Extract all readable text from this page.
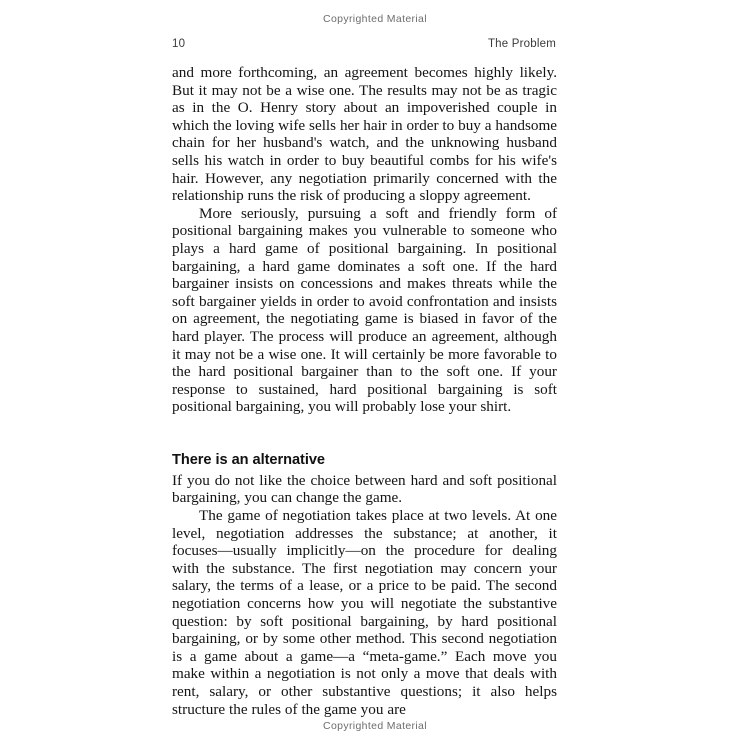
Copyrighted Material
10	The Problem

and more forthcoming, an agreement becomes highly likely. But it may not be a wise one. The results may not be as tragic as in the O. Henry story about an impoverished couple in which the loving wife sells her hair in order to buy a handsome chain for her husband's watch, and the unknowing husband sells his watch in order to buy beautiful combs for his wife's hair. However, any negotiation primarily concerned with the relationship runs the risk of producing a sloppy agreement.

More seriously, pursuing a soft and friendly form of positional bargaining makes you vulnerable to someone who plays a hard game of positional bargaining. In positional bargaining, a hard game dominates a soft one. If the hard bargainer insists on concessions and makes threats while the soft bargainer yields in order to avoid confrontation and insists on agreement, the negotiating game is biased in favor of the hard player. The process will produce an agreement, although it may not be a wise one. It will certainly be more favorable to the hard positional bargainer than to the soft one. If your response to sustained, hard positional bargaining is soft positional bargaining, you will probably lose your shirt.

There is an alternative

If you do not like the choice between hard and soft positional bargaining, you can change the game.

The game of negotiation takes place at two levels. At one level, negotiation addresses the substance; at another, it focuses—usually implicitly—on the procedure for dealing with the substance. The first negotiation may concern your salary, the terms of a lease, or a price to be paid. The second negotiation concerns how you will negotiate the substantive question: by soft positional bargaining, by hard positional bargaining, or by some other method. This second negotiation is a game about a game—a “meta-game.” Each move you make within a negotiation is not only a move that deals with rent, salary, or other substantive questions; it also helps structure the rules of the game you are

Copyrighted Material
